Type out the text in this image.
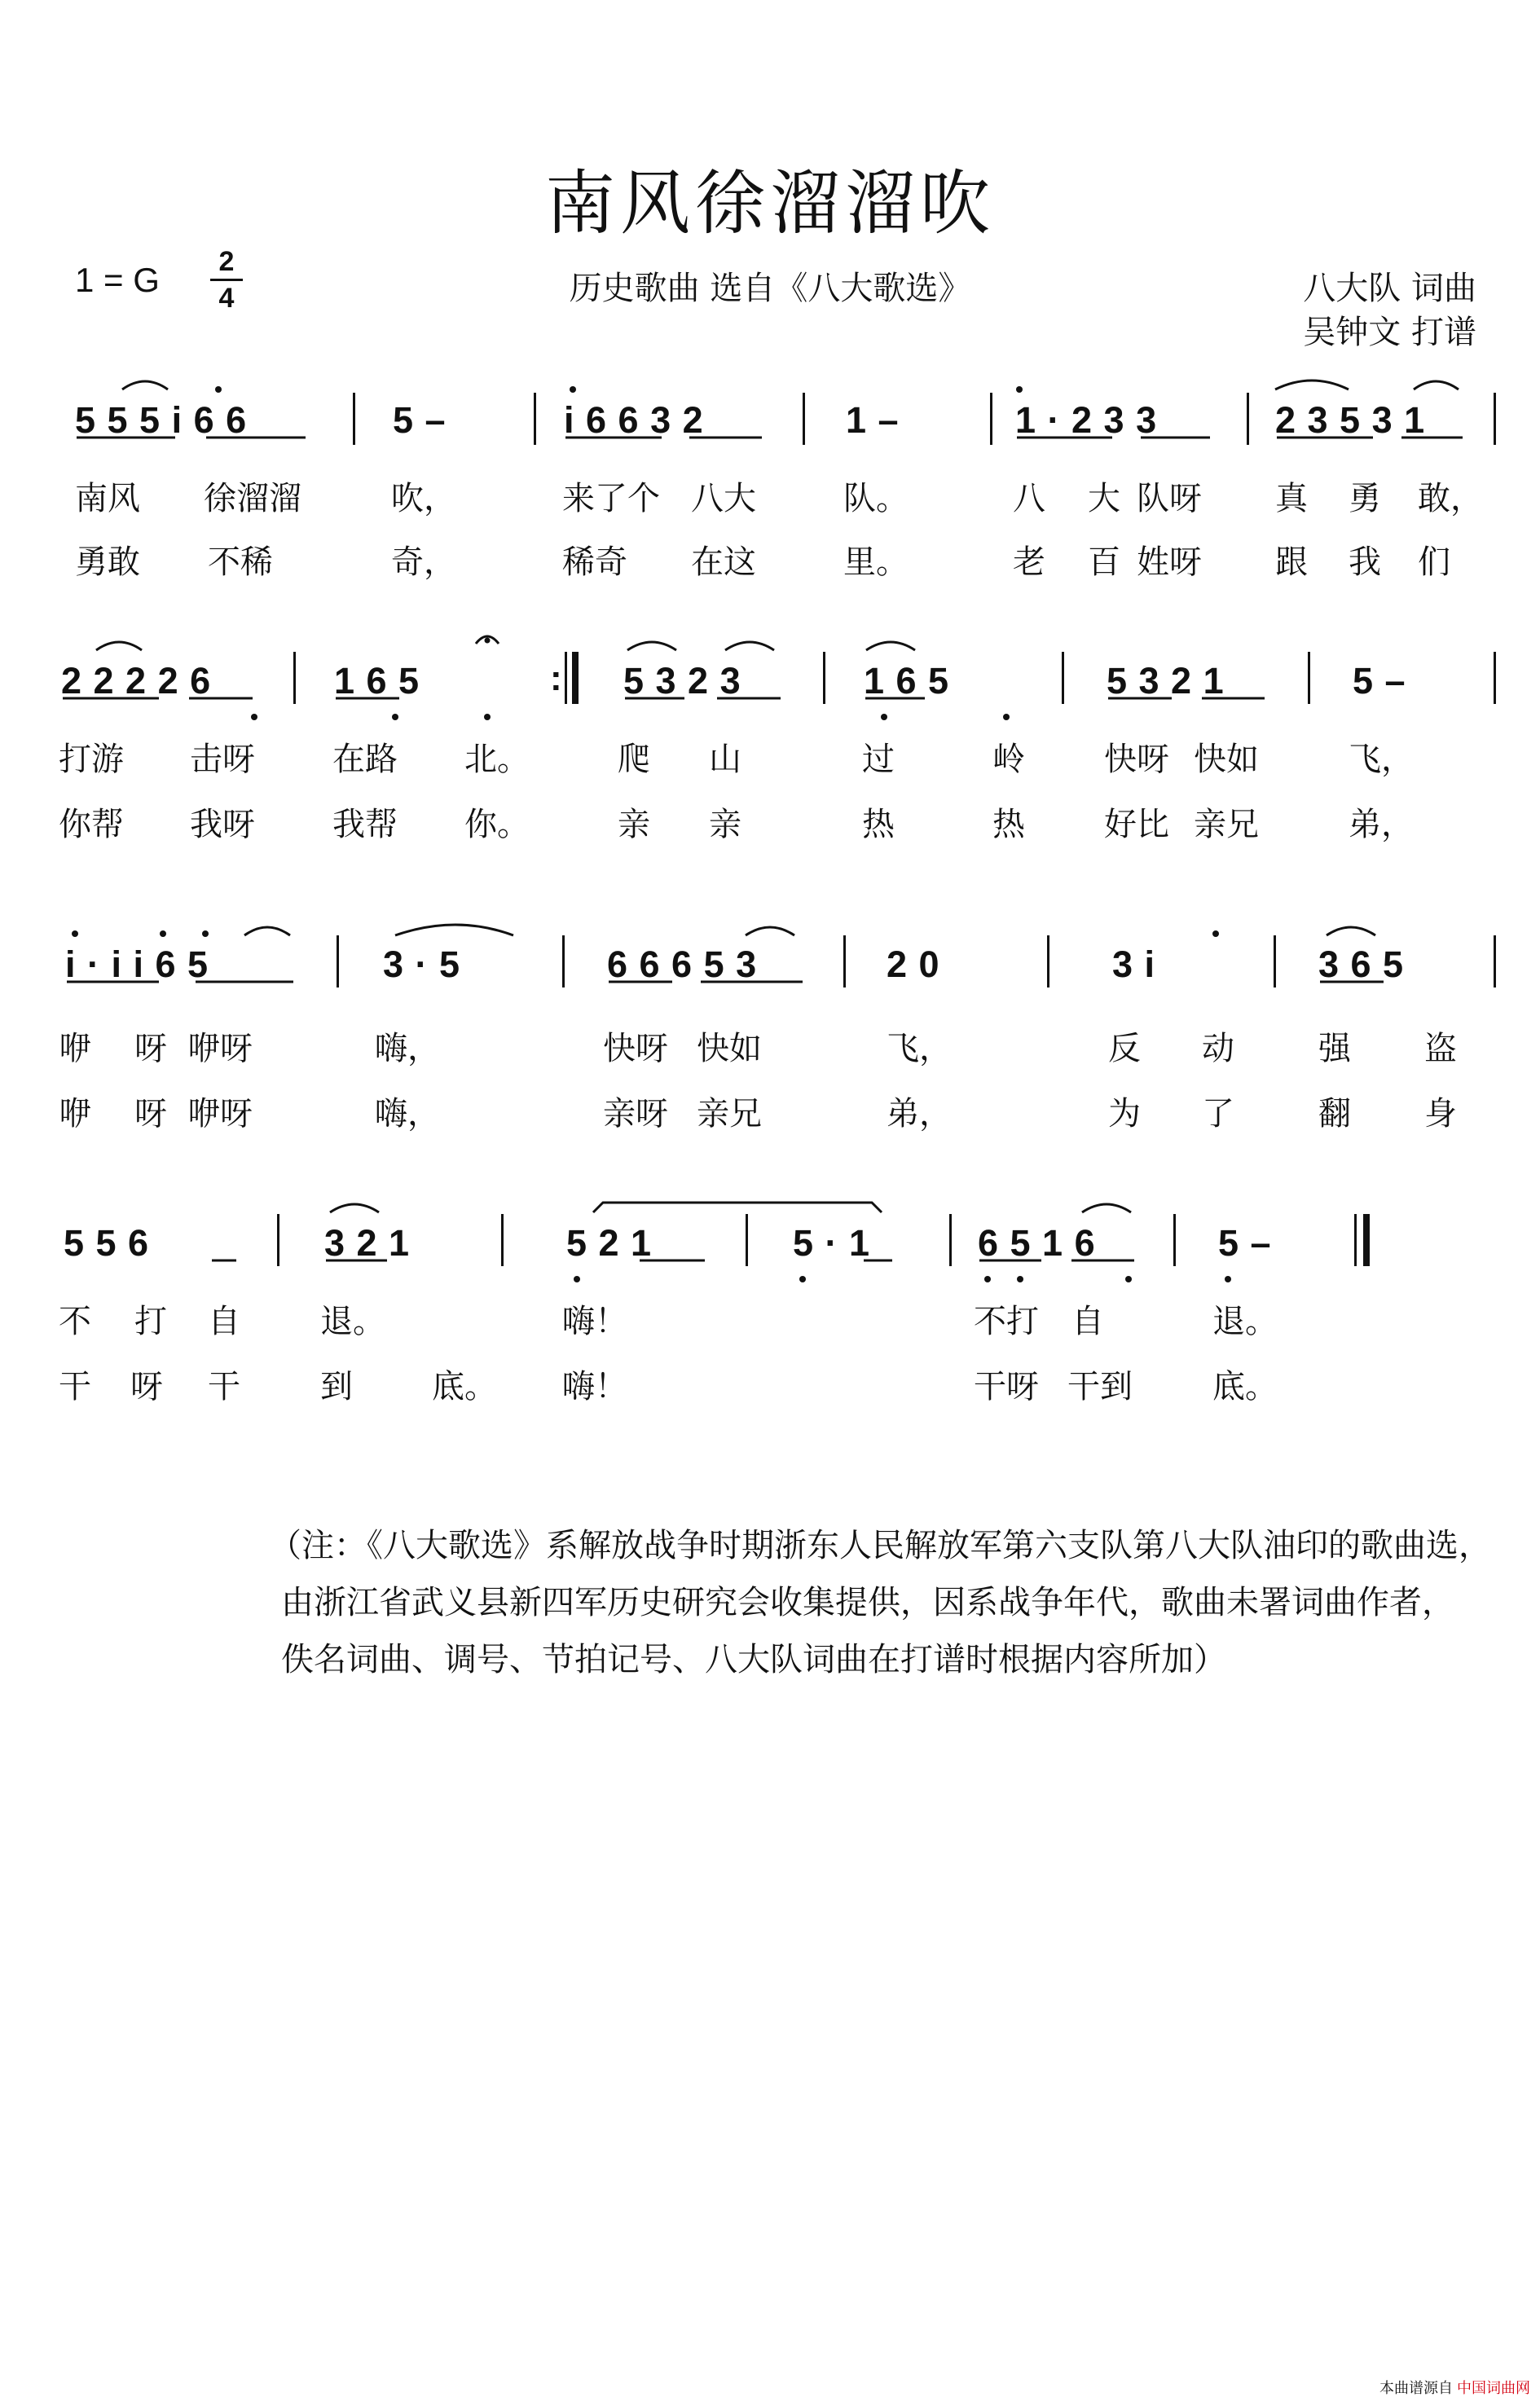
南风徐溜溜吹
1 = G	2
4	历史歌曲 选自《八大歌选》	八大队 词曲
吴钟文 打谱
5 5 5 i 6 6	5 –	i 6 6 3 2	1 –	1 · 2 3 3	2 3 5 3 1
南风 徐溜溜	吹，	来了个 八大	队。	八 大 队呀 真 勇 敢，
勇敢 不稀	奇，	稀奇 在这	里。	老 百 姓呀 跟 我 们
2 2 2 2 6	1 6 5	: 5 3 2 3	1 6 5	5 3 2 1	5 –
打游 击呀 在路 北。	爬 山	过	岭 快呀 快如	飞，
你帮 我呀 我帮 你。	亲 亲	热	热 好比 亲兄	弟，
i · i i 6 5	3 · 5	6 6 6 5 3	2 0	3 i	3 6 5
咿 呀 咿呀	嗨，	快呀 快如	飞，	反 动	强 盗
咿 呀 咿呀	嗨，	亲呀 亲兄	弟，	为 了	翻 身
5 5 6	3 2 1	5 2 1	5 · 1	6 5 1 6	5 –
不 打 自 退。	嗨！	不打 自	退。
干 呀 干 到 底。 嗨！	干呀 干到 底。
（注：《八大歌选》系解放战争时期浙东人民解放军第六支队第八大队油印的歌曲选，
由浙江省武义县新四军历史研究会收集提供，因系战争年代，歌曲未署词曲作者，
佚名词曲、调号、节拍记号、八大队词曲在打谱时根据内容所加）
本曲谱源自 中国词曲网
